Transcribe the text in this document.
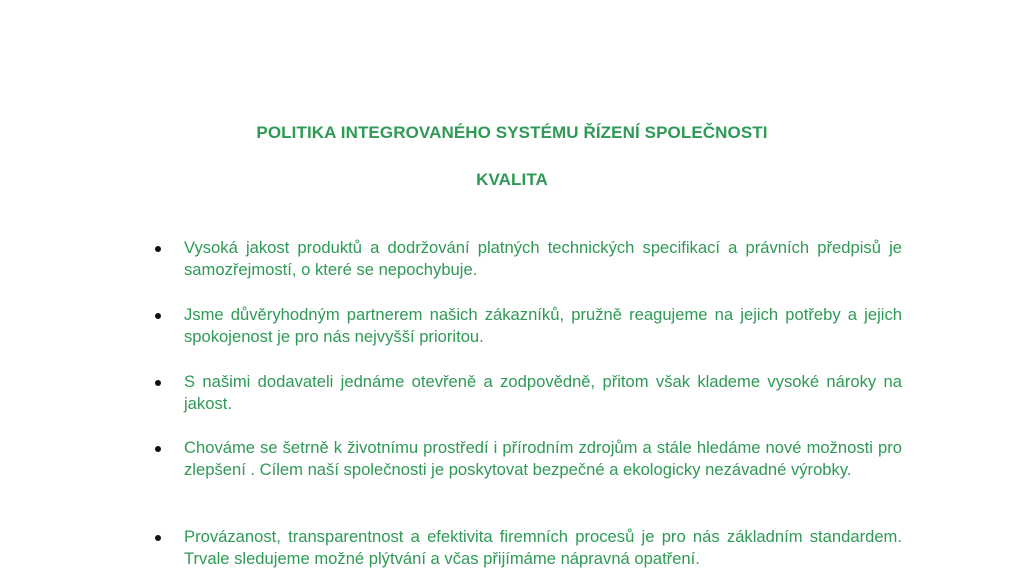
POLITIKA INTEGROVANÉHO SYSTÉMU ŘÍZENÍ SPOLEČNOSTI
KVALITA

Vysoká jakost produktů a dodržování platných technických specifikací a právních předpisů je samozřejmostí, o které se nepochybuje.

Jsme důvěryhodným partnerem našich zákazníků, pružně reagujeme na jejich potřeby a jejich spokojenost je pro nás nejvyšší prioritou.

S našimi dodavateli jednáme otevřeně a zodpovědně, přitom však klademe vysoké nároky na jakost.

Chováme se šetrně k životnímu prostředí i přírodním zdrojům a stále hledáme nové možnosti pro zlepšení . Cílem naší společnosti je poskytovat bezpečné a ekologicky nezávadné výrobky.

Provázanost, transparentnost a efektivita firemních procesů je pro nás základním standardem. Trvale sledujeme možné plýtvání a včas přijímáme nápravná opatření.
